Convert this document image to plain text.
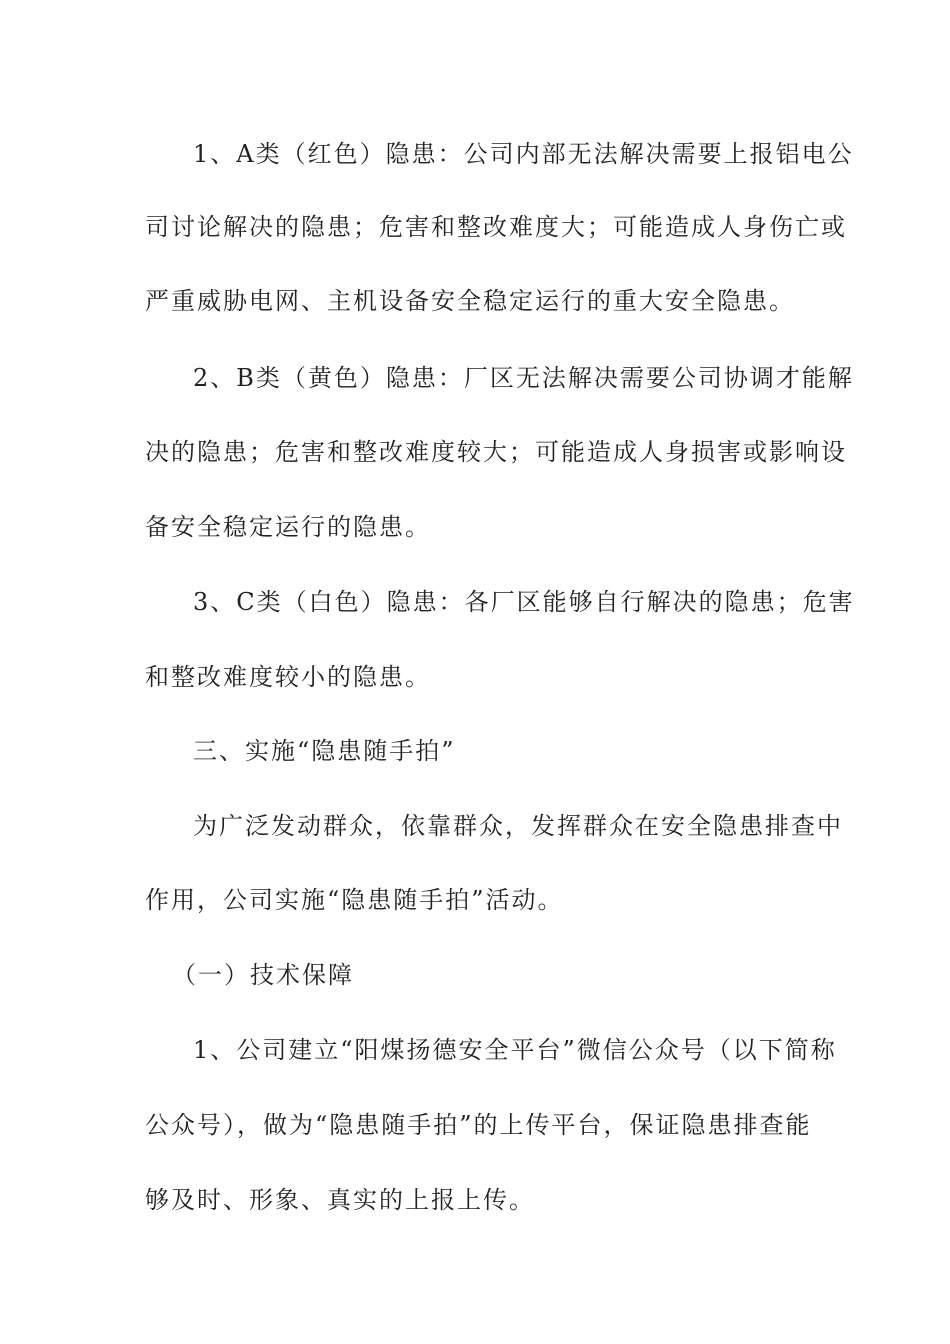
1、A类（红色）隐患：公司内部无法解决需要上报铝电公
司讨论解决的隐患；危害和整改难度大；可能造成人身伤亡或
严重威胁电网、主机设备安全稳定运行的重大安全隐患。
2、B类（黄色）隐患：厂区无法解决需要公司协调才能解
决的隐患；危害和整改难度较大；可能造成人身损害或影响设
备安全稳定运行的隐患。
3、C类（白色）隐患：各厂区能够自行解决的隐患；危害
和整改难度较小的隐患。
三、实施“隐患随手拍”
为广泛发动群众，依靠群众，发挥群众在安全隐患排查中
作用，公司实施“隐患随手拍”活动。
（一）技术保障
1、公司建立“阳煤扬德安全平台”微信公众号（以下简称
公众号），做为“隐患随手拍”的上传平台，保证隐患排查能
够及时、形象、真实的上报上传。
